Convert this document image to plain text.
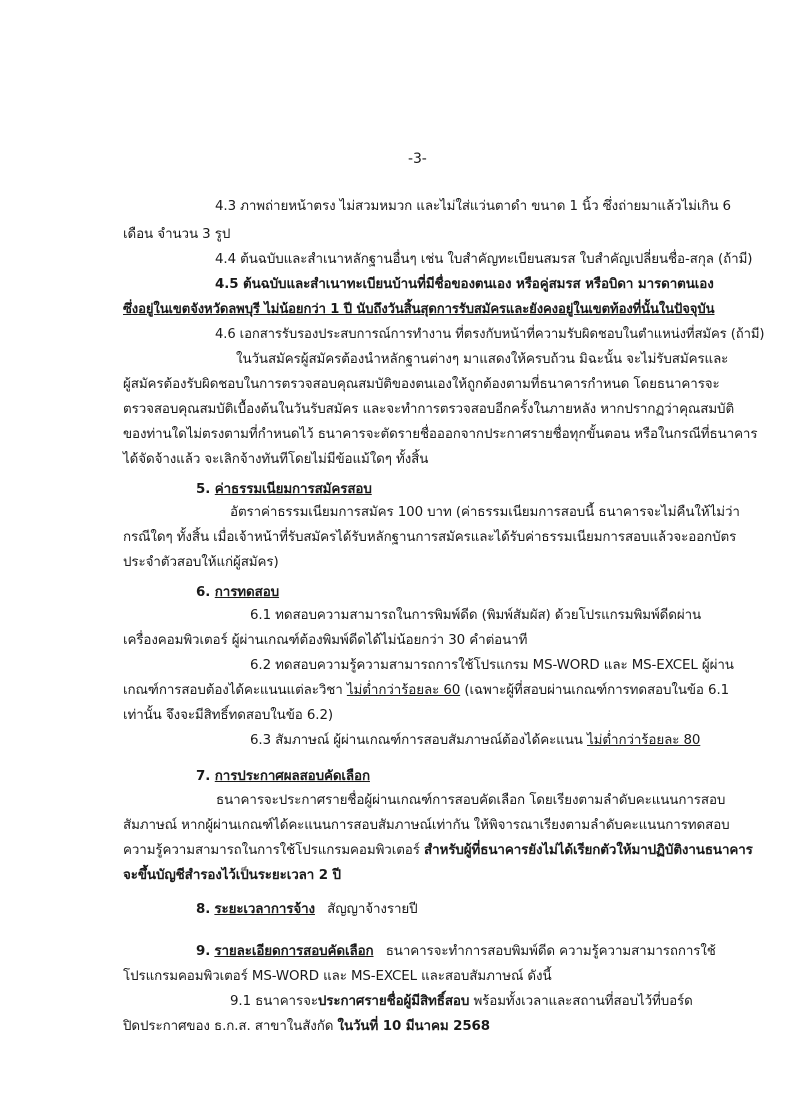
-3-
4.3 ภาพถ่ายหน้าตรง ไม่สวมหมวก และไม่ใส่แว่นตาดำ ขนาด 1 นิ้ว ซึ่งถ่ายมาแล้วไม่เกิน 6
เดือน จำนวน 3 รูป
4.4 ต้นฉบับและสำเนาหลักฐานอื่นๆ เช่น ใบสำคัญทะเบียนสมรส ใบสำคัญเปลี่ยนชื่อ-สกุล (ถ้ามี)
4.5 ต้นฉบับและสำเนาทะเบียนบ้านที่มีชื่อของตนเอง หรือคู่สมรส หรือบิดา มารดาตนเอง
ซึ่งอยู่ในเขตจังหวัดลพบุรี ไม่น้อยกว่า 1 ปี นับถึงวันสิ้นสุดการรับสมัครและยังคงอยู่ในเขตท้องที่นั้นในปัจจุบัน
4.6 เอกสารรับรองประสบการณ์การทำงาน ที่ตรงกับหน้าที่ความรับผิดชอบในตำแหน่งที่สมัคร (ถ้ามี)
ในวันสมัครผู้สมัครต้องนำหลักฐานต่างๆ มาแสดงให้ครบถ้วน มิฉะนั้น จะไม่รับสมัครและ
ผู้สมัครต้องรับผิดชอบในการตรวจสอบคุณสมบัติของตนเองให้ถูกต้องตามที่ธนาคารกำหนด โดยธนาคารจะ
ตรวจสอบคุณสมบัติเบื้องต้นในวันรับสมัคร และจะทำการตรวจสอบอีกครั้งในภายหลัง หากปรากฏว่าคุณสมบัติ
ของท่านใดไม่ตรงตามที่กำหนดไว้ ธนาคารจะตัดรายชื่อออกจากประกาศรายชื่อทุกขั้นตอน หรือในกรณีที่ธนาคาร
ได้จัดจ้างแล้ว จะเลิกจ้างทันทีโดยไม่มีข้อแม้ใดๆ ทั้งสิ้น
5. ค่าธรรมเนียมการสมัครสอบ
อัตราค่าธรรมเนียมการสมัคร 100 บาท (ค่าธรรมเนียมการสอบนี้ ธนาคารจะไม่คืนให้ไม่ว่า
กรณีใดๆ ทั้งสิ้น เมื่อเจ้าหน้าที่รับสมัครได้รับหลักฐานการสมัครและได้รับค่าธรรมเนียมการสอบแล้วจะออกบัตร
ประจำตัวสอบให้แก่ผู้สมัคร)
6. การทดสอบ
6.1 ทดสอบความสามารถในการพิมพ์ดีด (พิมพ์สัมผัส) ด้วยโปรแกรมพิมพ์ดีดผ่าน
เครื่องคอมพิวเตอร์ ผู้ผ่านเกณฑ์ต้องพิมพ์ดีดได้ไม่น้อยกว่า 30 คำต่อนาที
6.2 ทดสอบความรู้ความสามารถการใช้โปรแกรม MS-WORD และ MS-EXCEL ผู้ผ่าน
เกณฑ์การสอบต้องได้คะแนนแต่ละวิชา ไม่ต่ำกว่าร้อยละ 60 (เฉพาะผู้ที่สอบผ่านเกณฑ์การทดสอบในข้อ 6.1
เท่านั้น จึงจะมีสิทธิ์ทดสอบในข้อ 6.2)
6.3 สัมภาษณ์ ผู้ผ่านเกณฑ์การสอบสัมภาษณ์ต้องได้คะแนน ไม่ต่ำกว่าร้อยละ 80
7. การประกาศผลสอบคัดเลือก
ธนาคารจะประกาศรายชื่อผู้ผ่านเกณฑ์การสอบคัดเลือก โดยเรียงตามลำดับคะแนนการสอบ
สัมภาษณ์ หากผู้ผ่านเกณฑ์ได้คะแนนการสอบสัมภาษณ์เท่ากัน ให้พิจารณาเรียงตามลำดับคะแนนการทดสอบ
ความรู้ความสามารถในการใช้โปรแกรมคอมพิวเตอร์ สำหรับผู้ที่ธนาคารยังไม่ได้เรียกตัวให้มาปฏิบัติงานธนาคาร
จะขึ้นบัญชีสำรองไว้เป็นระยะเวลา 2 ปี
8. ระยะเวลาการจ้าง สัญญาจ้างรายปี
9. รายละเอียดการสอบคัดเลือก ธนาคารจะทำการสอบพิมพ์ดีด ความรู้ความสามารถการใช้
โปรแกรมคอมพิวเตอร์ MS-WORD และ MS-EXCEL และสอบสัมภาษณ์ ดังนี้
9.1 ธนาคารจะประกาศรายชื่อผู้มีสิทธิ์สอบ พร้อมทั้งเวลาและสถานที่สอบไว้ที่บอร์ด
ปิดประกาศของ ธ.ก.ส. สาขาในสังกัด ในวันที่ 10 มีนาคม 2568
